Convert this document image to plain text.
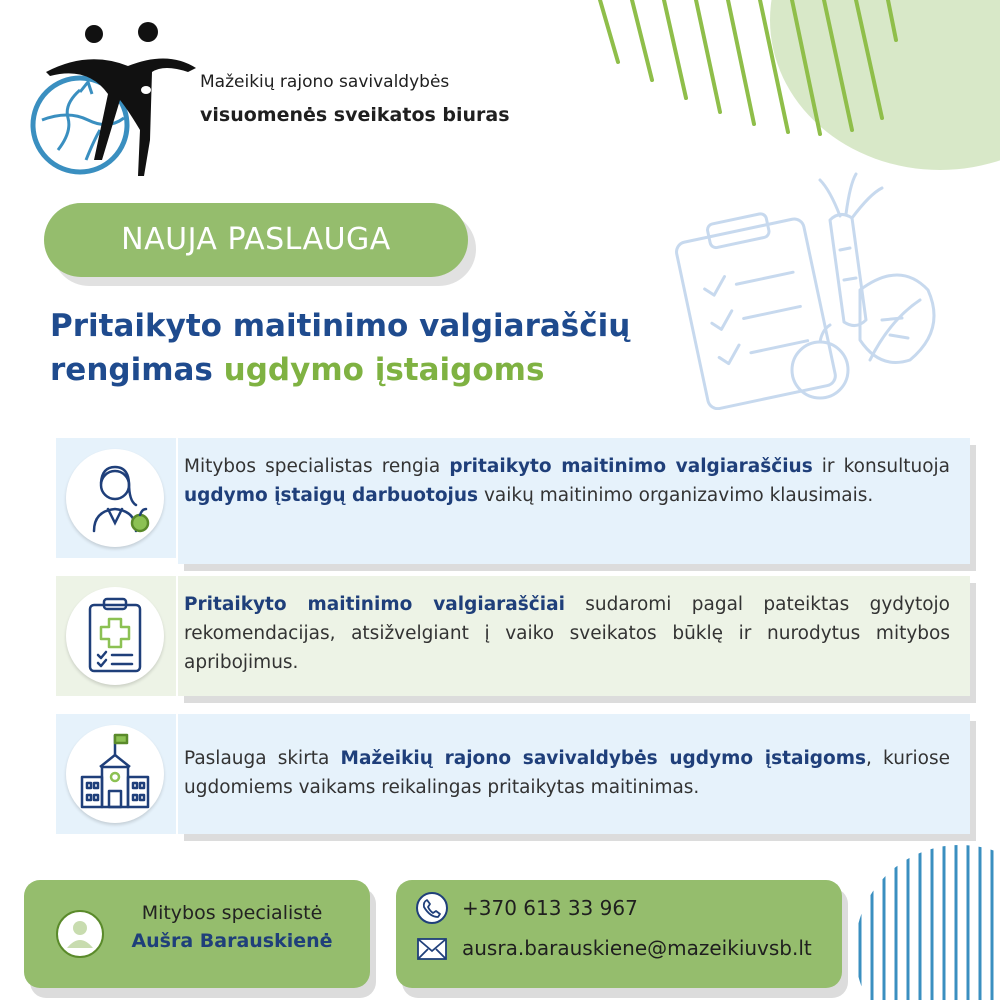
Mažeikių rajono savivaldybės
visuomenės sveikatos biuras
NAUJA PASLAUGA
Pritaikyto maitinimo valgiaraščių
rengimas ugdymo įstaigoms
Mitybos specialistas rengia pritaikyto maitinimo valgiaraščius ir konsultuoja ugdymo įstaigų darbuotojus vaikų maitinimo organizavimo klausimais.
Pritaikyto maitinimo valgiaraščiai sudaromi pagal pateiktas gydytojo rekomendacijas, atsižvelgiant į vaiko sveikatos būklę ir nurodytus mitybos apribojimus.
Paslauga skirta Mažeikių rajono savivaldybės ugdymo įstaigoms, kuriose ugdomiems vaikams reikalingas pritaikytas maitinimas.
Mitybos specialistė
Aušra Barauskienė
+370 613 33 967
ausra.barauskiene@mazeikiuvsb.lt
